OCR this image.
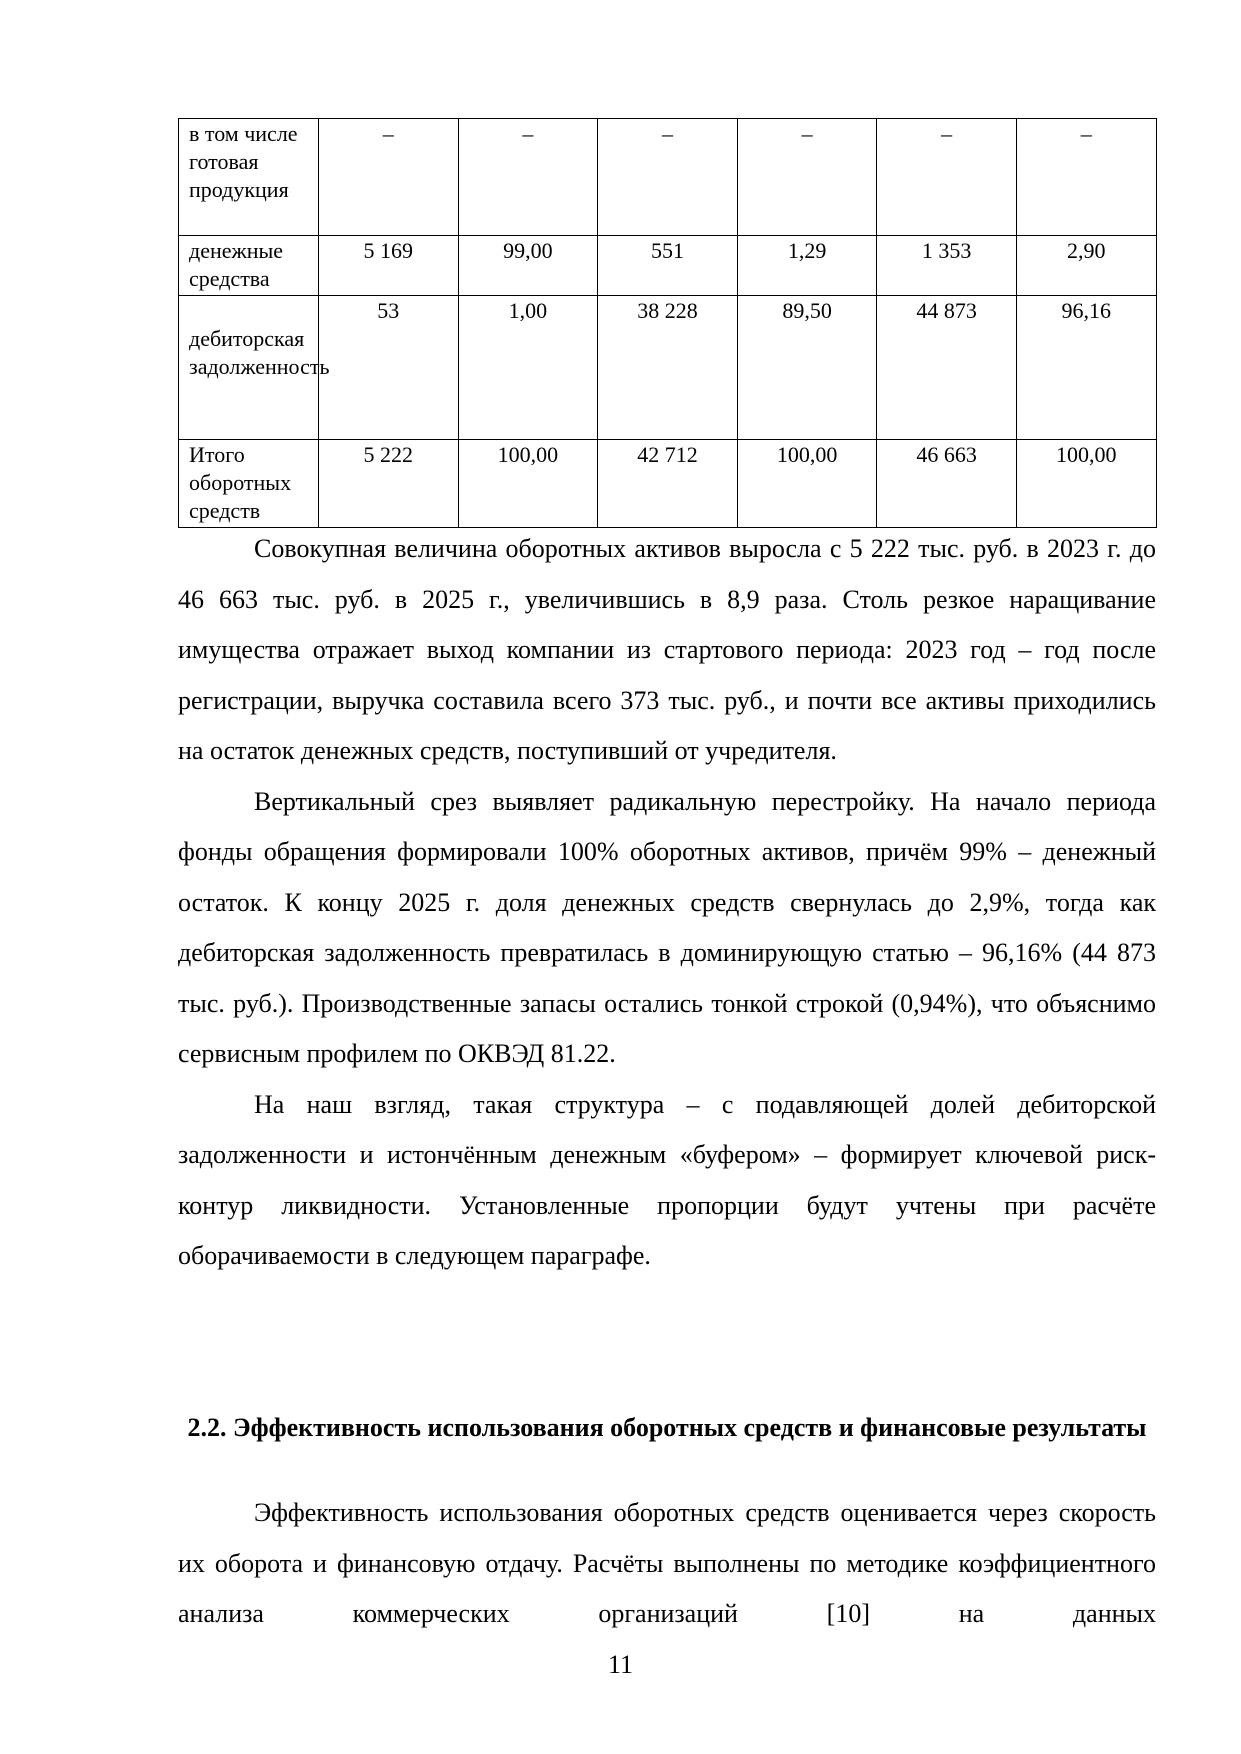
в том числе готовая продукция	–	–	–	–	–	–
денежные средства	5 169	99,00	551	1,29	1 353	2,90

дебиторская задолженность	53	1,00	38 228	89,50	44 873	96,16
Итого оборотных средств	5 222	100,00	42 712	100,00	46 663	100,00

Совокупная величина оборотных активов выросла с 5 222 тыс. руб. в 2023 г. до 46 663 тыс. руб. в 2025 г., увеличившись в 8,9 раза. Столь резкое наращивание имущества отражает выход компании из стартового периода: 2023 год – год после регистрации, выручка составила всего 373 тыс. руб., и почти все активы приходились на остаток денежных средств, поступивший от учредителя.

Вертикальный срез выявляет радикальную перестройку. На начало периода фонды обращения формировали 100% оборотных активов, причём 99% – денежный остаток. К концу 2025 г. доля денежных средств свернулась до 2,9%, тогда как дебиторская задолженность превратилась в доминирующую статью – 96,16% (44 873 тыс. руб.). Производственные запасы остались тонкой строкой (0,94%), что объяснимо сервисным профилем по ОКВЭД 81.22.

На наш взгляд, такая структура – с подавляющей долей дебиторской задолженности и истончённым денежным «буфером» – формирует ключевой риск-контур ликвидности. Установленные пропорции будут учтены при расчёте оборачиваемости в следующем параграфе.

2.2. Эффективность использования оборотных средств и финансовые результаты

Эффективность использования оборотных средств оценивается через скорость их оборота и финансовую отдачу. Расчёты выполнены по методике коэффициентного анализа коммерческих организаций [10] на данных

11
